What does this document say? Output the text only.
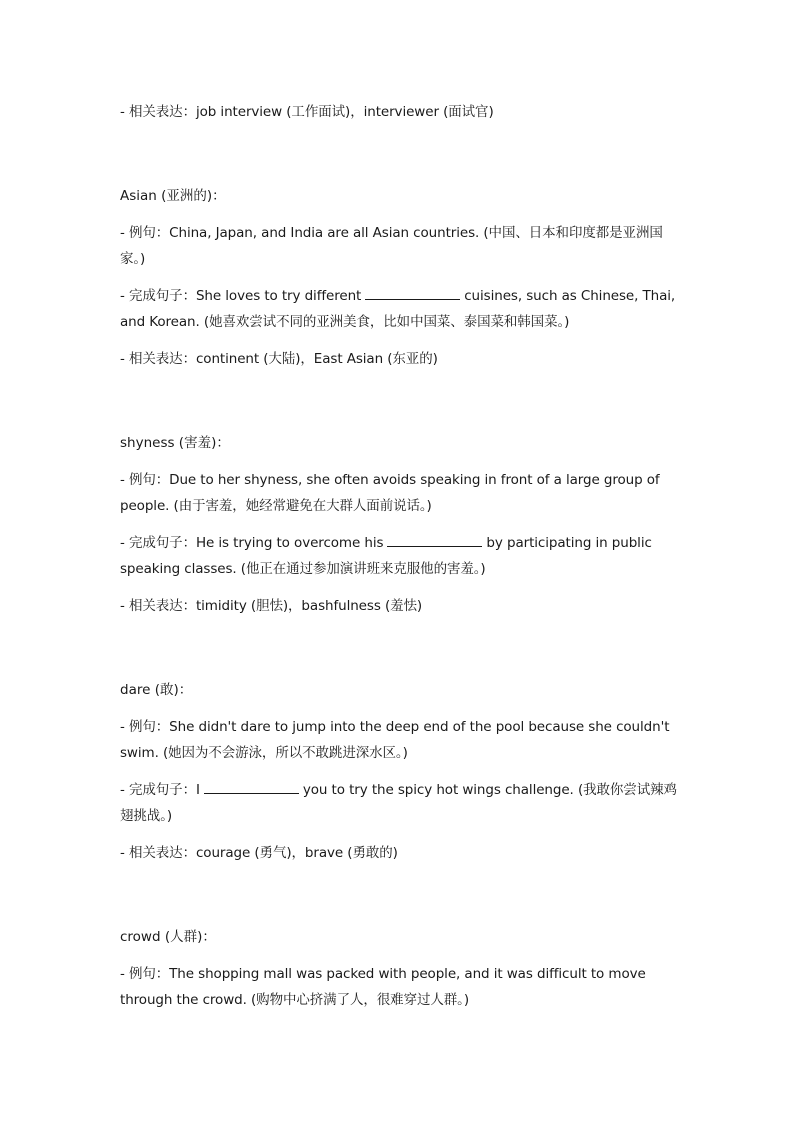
- 相关表达：job interview (工作面试)，interviewer (面试官)

Asian (亚洲的)：

- 例句：China, Japan, and India are all Asian countries. (中国、日本和印度都是亚洲国家。)

- 完成句子：She loves to try different	cuisines, such as Chinese, Thai, and Korean. (她喜欢尝试不同的亚洲美食，比如中国菜、泰国菜和韩国菜。)

- 相关表达：continent (大陆)，East Asian (东亚的)

shyness (害羞)：

- 例句：Due to her shyness, she often avoids speaking in front of a large group of people. (由于害羞，她经常避免在大群人面前说话。)

- 完成句子：He is trying to overcome his	by participating in public speaking classes. (他正在通过参加演讲班来克服他的害羞。)

- 相关表达：timidity (胆怯)，bashfulness (羞怯)

dare (敢)：

- 例句：She didn't dare to jump into the deep end of the pool because she couldn't swim. (她因为不会游泳，所以不敢跳进深水区。)

- 完成句子：I	you to try the spicy hot wings challenge. (我敢你尝试辣鸡翅挑战。)

- 相关表达：courage (勇气)，brave (勇敢的)

crowd (人群)：

- 例句：The shopping mall was packed with people, and it was difficult to move through the crowd. (购物中心挤满了人，很难穿过人群。)
